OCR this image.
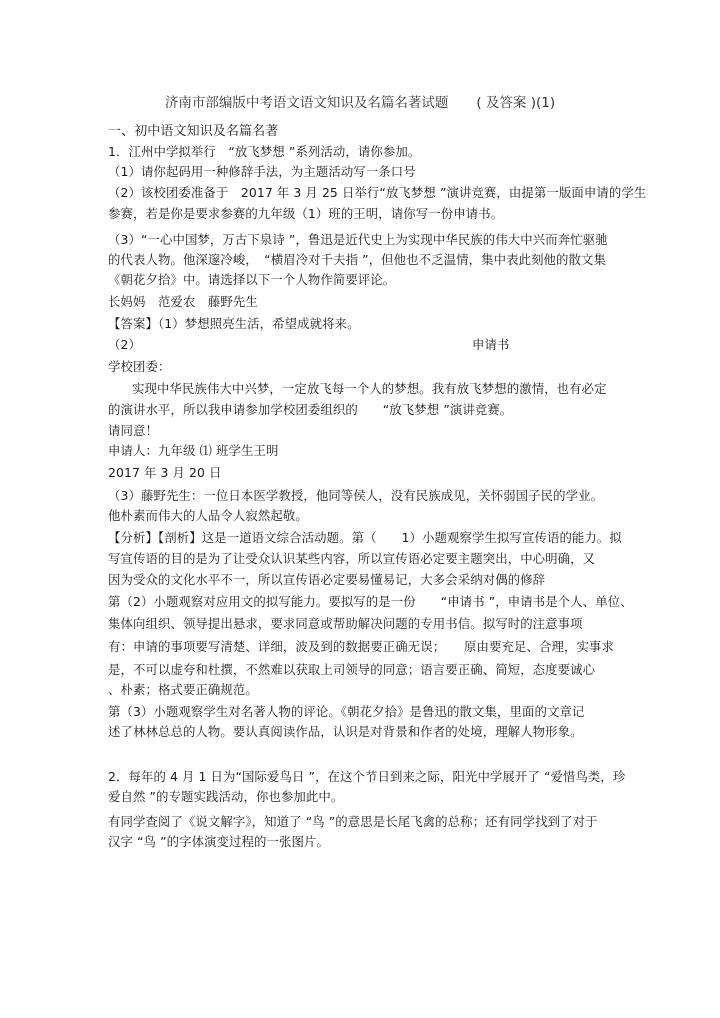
济南市部编版中考语文语文知识及名篇名著试题 ( 及答案 )(1)

一、初中语文知识及名篇名著

1．江州中学拟举行　“放飞梦想 ”系列活动，请你参加。

（1）请你起码用一种修辞手法，为主题活动写一条口号

（2）该校团委准备于　2017 年 3 月 25 日举行“放飞梦想 ”演讲竞赛，由提第一版面申请的学生

参赛，若是你是要求参赛的九年级（1）班的王明，请你写一份申请书。

（3）“一心中国梦，万古下泉诗 ”，鲁迅是近代史上为实现中华民族的伟大中兴而奔忙驱驰

的代表人物。他深邃冷峻，　“横眉冷对千夫指 ”，但他也不乏温情，集中表此刻他的散文集

《朝花夕拾》中。请选择以下一个人物作简要评论。

长妈妈　范爱农　藤野先生

【答案】（1）梦想照亮生活，希望成就将来。

（2）	申请书

学校团委：

实现中华民族伟大中兴梦，一定放飞每一个人的梦想。我有放飞梦想的激情，也有必定

的演讲水平，所以我申请参加学校团委组织的　　“放飞梦想 ”演讲竞赛。

请同意！

申请人：九年级 ⑴ 班学生王明

2017 年 3 月 20 日

（3）藤野先生：一位日本医学教授，他同等侯人，没有民族成见，关怀弱国子民的学业。

他朴素而伟大的人品令人寂然起敬。

【分析】【剖析】这是一道语文综合活动题。第（　　1）小题观察学生拟写宣传语的能力。拟

写宣传语的目的是为了让受众认识某些内容，所以宣传语必定要主题突出，中心明确，又

因为受众的文化水平不一，所以宣传语必定要易懂易记，大多会采纳对偶的修辞

第（2）小题观察对应用文的拟写能力。要拟写的是一份　　“申请书 ”，申请书是个人、单位、

集体向组织、领导提出悬求，要求同意或帮助解决问题的专用书信。拟写时的注意事项

有：申请的事项要写清楚、详细，波及到的数据要正确无误；　　原由要充足、合理，实事求

是，不可以虚夸和杜撰，不然难以获取上司领导的同意；语言要正确、简短，态度要诚心

、朴素；格式要正确规范。

第（3）小题观察学生对名著人物的评论。《朝花夕拾》是鲁迅的散文集，里面的文章记

述了林林总总的人物。要认真阅读作品，认识是对背景和作者的处境，理解人物形象。

2．每年的 4 月 1 日为“国际爱鸟日 ”，在这个节日到来之际，阳光中学展开了 “爱惜鸟类，珍

爱自然 ”的专题实践活动，你也参加此中。

有同学查阅了《说文解字》，知道了 “鸟 ”的意思是长尾飞禽的总称；还有同学找到了对于

汉字 “鸟 ”的字体演变过程的一张图片。
